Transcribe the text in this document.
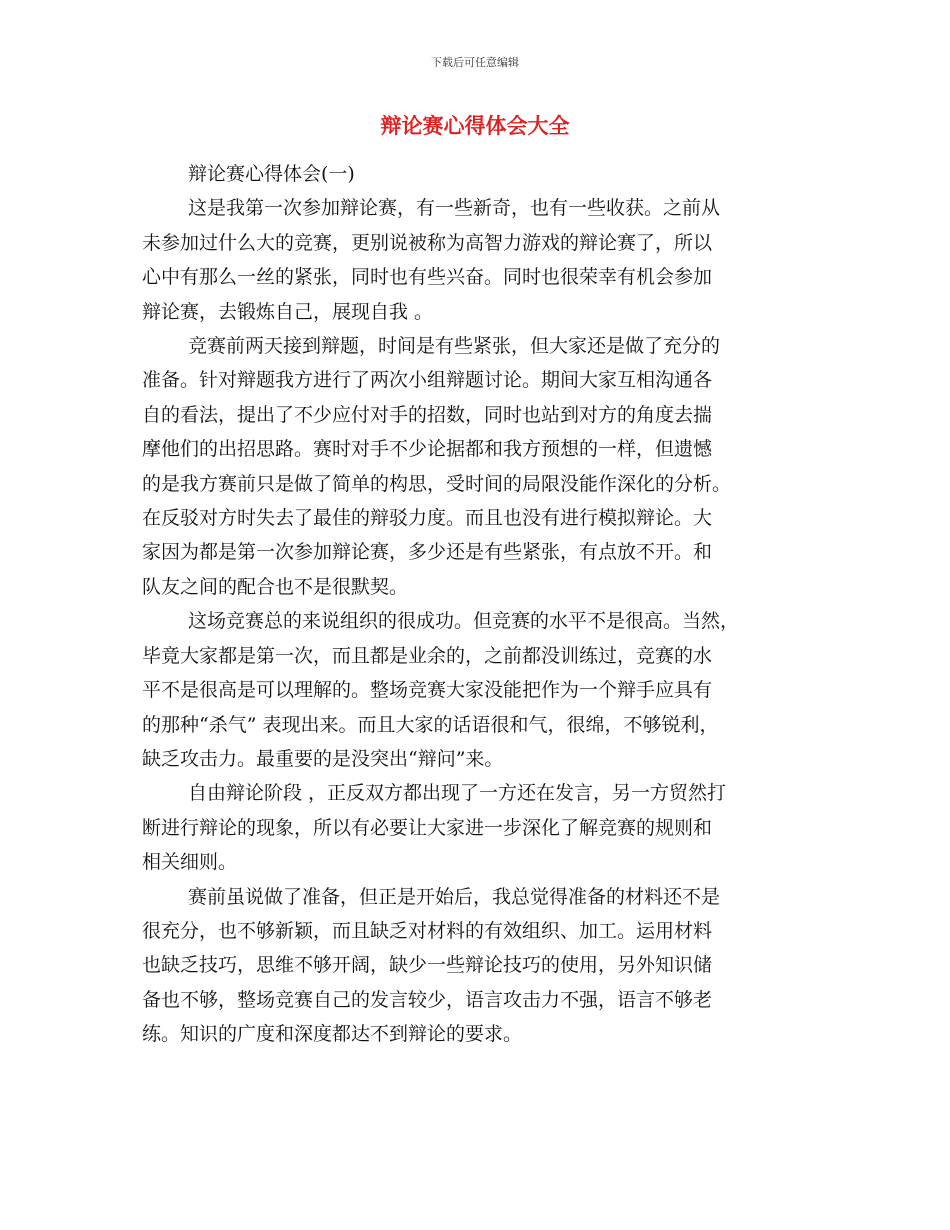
下载后可任意编辑
辩论赛心得体会大全
辩论赛心得体会(一)
这是我第一次参加辩论赛，有一些新奇，也有一些收获。之前从
未参加过什么大的竞赛，更别说被称为高智力游戏的辩论赛了，所以
心中有那么一丝的紧张，同时也有些兴奋。同时也很荣幸有机会参加
辩论赛，去锻炼自己，展现自我 。
竞赛前两天接到辩题，时间是有些紧张，但大家还是做了充分的
准备。针对辩题我方进行了两次小组辩题讨论。期间大家互相沟通各
自的看法，提出了不少应付对手的招数，同时也站到对方的角度去揣
摩他们的出招思路。赛时对手不少论据都和我方预想的一样，但遗憾
的是我方赛前只是做了简单的构思，受时间的局限没能作深化的分析。
在反驳对方时失去了最佳的辩驳力度。而且也没有进行模拟辩论。大
家因为都是第一次参加辩论赛，多少还是有些紧张，有点放不开。和
队友之间的配合也不是很默契。
这场竞赛总的来说组织的很成功。但竞赛的水平不是很高。当然，
毕竟大家都是第一次，而且都是业余的，之前都没训练过，竞赛的水
平不是很高是可以理解的。整场竞赛大家没能把作为一个辩手应具有
的那种“杀气” 表现出来。而且大家的话语很和气，很绵，不够锐利，
缺乏攻击力。最重要的是没突出“辩问”来。
自由辩论阶段 ，正反双方都出现了一方还在发言，另一方贸然打
断进行辩论的现象，所以有必要让大家进一步深化了解竞赛的规则和
相关细则。
赛前虽说做了准备，但正是开始后，我总觉得准备的材料还不是
很充分，也不够新颖，而且缺乏对材料的有效组织、加工。运用材料
也缺乏技巧，思维不够开阔，缺少一些辩论技巧的使用，另外知识储
备也不够，整场竞赛自己的发言较少，语言攻击力不强，语言不够老
练。知识的广度和深度都达不到辩论的要求。
